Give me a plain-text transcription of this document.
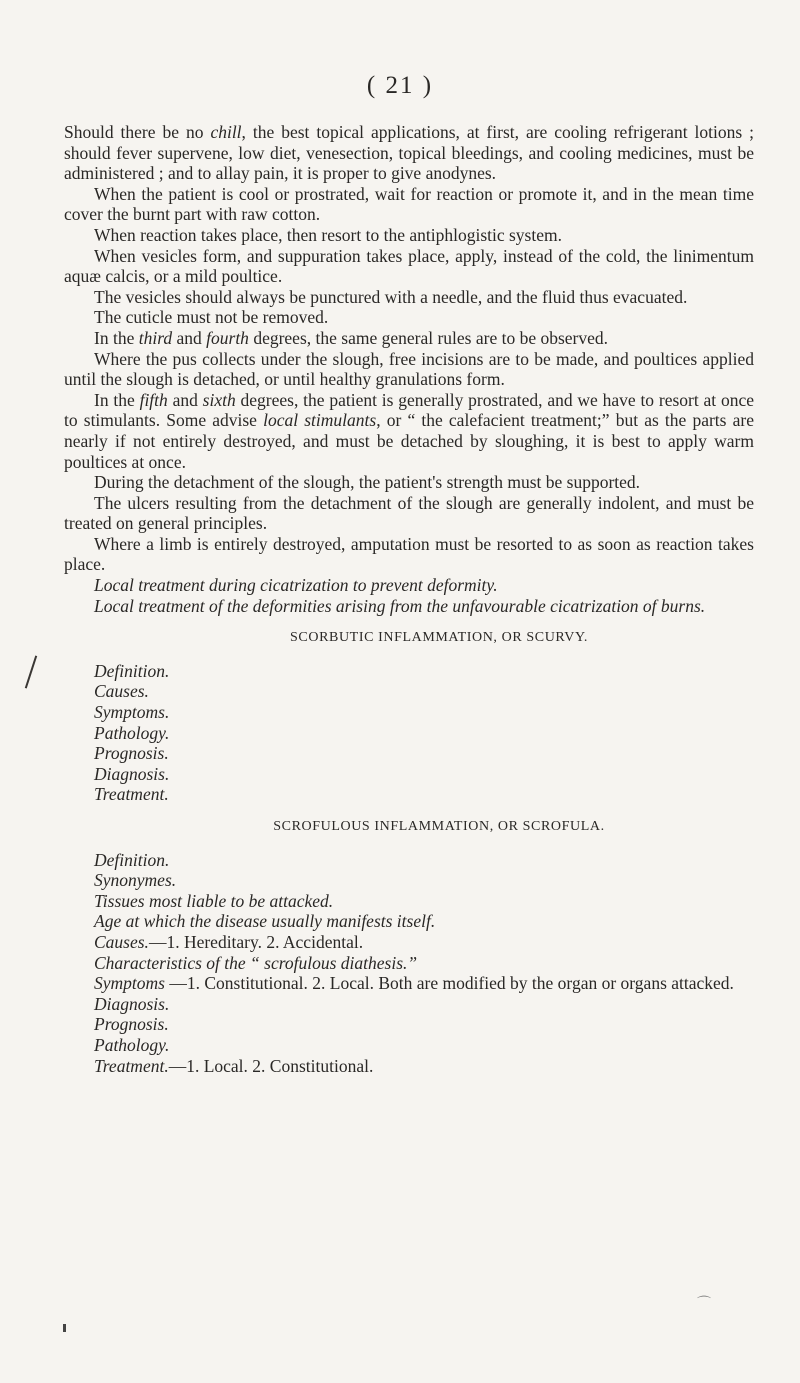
( 21 )
⌒

Should there be no chill, the best topical applications, at first, are cooling refrigerant lotions ; should fever supervene, low diet, venesection, topical bleedings, and cooling medicines, must be administered ; and to allay pain, it is proper to give anodynes.

When the patient is cool or prostrated, wait for reaction or promote it, and in the mean time cover the burnt part with raw cotton.

When reaction takes place, then resort to the antiphlogistic system.

When vesicles form, and suppuration takes place, apply, instead of the cold, the linimentum aquæ calcis, or a mild poultice.

The vesicles should always be punctured with a needle, and the fluid thus evacuated.

The cuticle must not be removed.

In the third and fourth degrees, the same general rules are to be observed.

Where the pus collects under the slough, free incisions are to be made, and poultices applied until the slough is detached, or until healthy granulations form.

In the fifth and sixth degrees, the patient is generally prostrated, and we have to resort at once to stimulants. Some advise local stimulants, or “ the calefacient treatment;” but as the parts are nearly if not entirely destroyed, and must be detached by sloughing, it is best to apply warm poultices at once.

During the detachment of the slough, the patient's strength must be supported.

The ulcers resulting from the detachment of the slough are generally indolent, and must be treated on general principles.

Where a limb is entirely destroyed, amputation must be resorted to as soon as reaction takes place.

Local treatment during cicatrization to prevent deformity.

Local treatment of the deformities arising from the unfavourable cicatrization of burns.

SCORBUTIC INFLAMMATION, OR SCURVY.

Definition.

Causes.

Symptoms.

Pathology.

Prognosis.

Diagnosis.

Treatment.

SCROFULOUS INFLAMMATION, OR SCROFULA.

Definition.

Synonymes.

Tissues most liable to be attacked.

Age at which the disease usually manifests itself.

Causes.—1. Hereditary. 2. Accidental.

Characteristics of the “ scrofulous diathesis.”

Symptoms —1. Constitutional. 2. Local. Both are modified by the organ or organs attacked.

Diagnosis.

Prognosis.

Pathology.

Treatment.—1. Local. 2. Constitutional.
